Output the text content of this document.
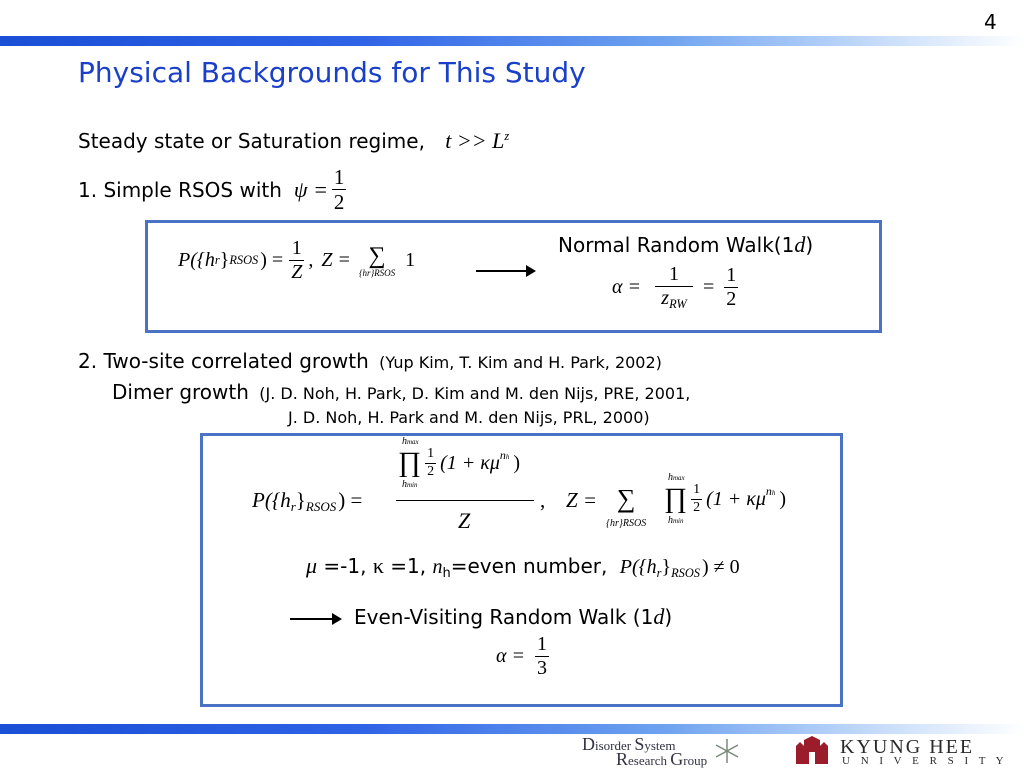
4
Physical Backgrounds for This Study
Steady state or Saturation regime, $t >> L^z$
1. Simple RSOS with $\psi = \frac{1}{2}$
P({h r } RSOS ) = $\frac{1}{Z}$ , Z = ∑
{hr}RSOS
1
Normal Random Walk(1d)
$\alpha = \frac{1}{z_{RW}} = \frac{1}{2}$
2. Two-site correlated growth (Yup Kim, T. Kim and H. Park, 2002)
Dimer growth (J. D. Noh, H. Park, D. Kim and M. den Nijs, PRE, 2001,
J. D. Noh, H. Park and M. den Nijs, PRL, 2000)
$P(\{h_r\}_{RSOS})$ =
hmax
∏ $\frac{1}{2} (1 + \kappa\mu$ nh )
hmin
Z
, Z = ∑
{hr}RSOS
hmax
∏ $\frac{1}{2} (1 + \kappa\mu$ nh )
hmin
μ =-1, κ =1, $n_h=even$ number, $P(\{h_r\}_{RSOS}$ ) ≠ 0
Even-Visiting Random Walk (1d)
$\alpha = \frac{1}{3}$
Disorder System
Research Group
KYUNG HEE
U N I V E R S I T Y
